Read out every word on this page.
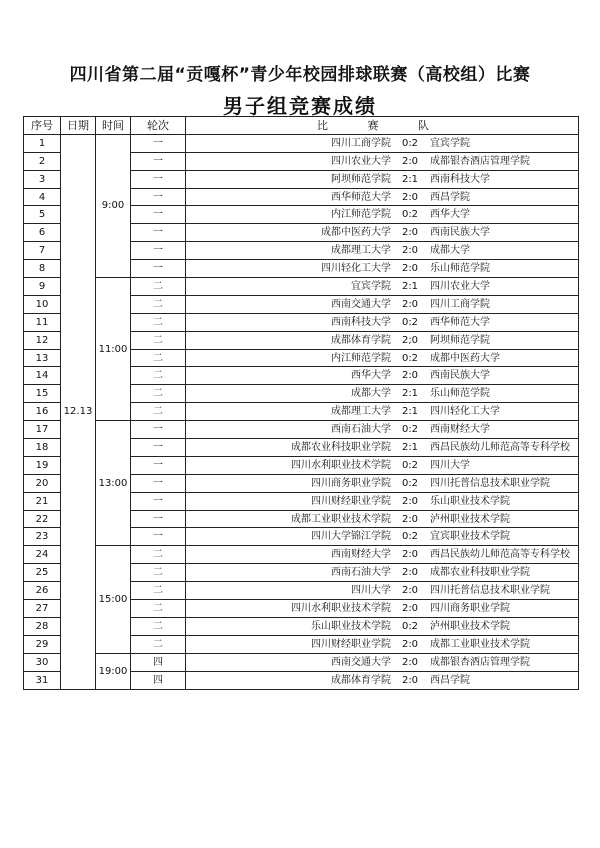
四川省第二届“贡嘎杯”青少年校园排球联赛（高校组）比赛
男子组竞赛成绩
序号	日期	时间	轮次	比 赛 队
1	12.13	9:00	一	四川工商学院 0:2 宜宾学院

2			一	四川农业大学 2:0 成都银杏酒店管理学院

3			一	阿坝师范学院 2:1 西南科技大学

4			一	西华师范大学 2:0 西昌学院

5			一	内江师范学院 0:2 西华大学

6			一	成都中医药大学 2:0 西南民族大学

7			一	成都理工大学 2:0 成都大学

8			一	四川轻化工大学 2:0 乐山师范学院

9		11:00	二	宜宾学院 2:1 四川农业大学

10			二	西南交通大学 2:0 四川工商学院

11			二	西南科技大学 0:2 西华师范大学

12			二	成都体育学院 2;0 阿坝师范学院

13			二	内江师范学院 0:2 成都中医药大学

14			二	西华大学 2:0 西南民族大学

15			二	成都大学 2:1 乐山师范学院

16			二	成都理工大学 2:1 四川轻化工大学

17		13:00	一	西南石油大学 0:2 西南财经大学

18			一	成都农业科技职业学院 2:1 西昌民族幼儿师范高等专科学校

19			一	四川水利职业技术学院 0:2 四川大学

20			一	四川商务职业学院 0:2 四川托普信息技术职业学院

21			一	四川财经职业学院 2:0 乐山职业技术学院

22			一	成都工业职业技术学院 2:0 泸州职业技术学院

23			一	四川大学锦江学院 0:2 宜宾职业技术学院

24		15:00	二	西南财经大学 2:0 西昌民族幼儿师范高等专科学校

25			二	西南石油大学 2:0 成都农业科技职业学院

26			二	四川大学 2:0 四川托普信息技术职业学院

27			二	四川水利职业技术学院 2:0 四川商务职业学院

28			二	乐山职业技术学院 0:2 泸州职业技术学院

29			二	四川财经职业学院 2:0 成都工业职业技术学院

30		19:00	四	西南交通大学 2:0 成都银杏酒店管理学院

31			四	成都体育学院 2:0 西昌学院
